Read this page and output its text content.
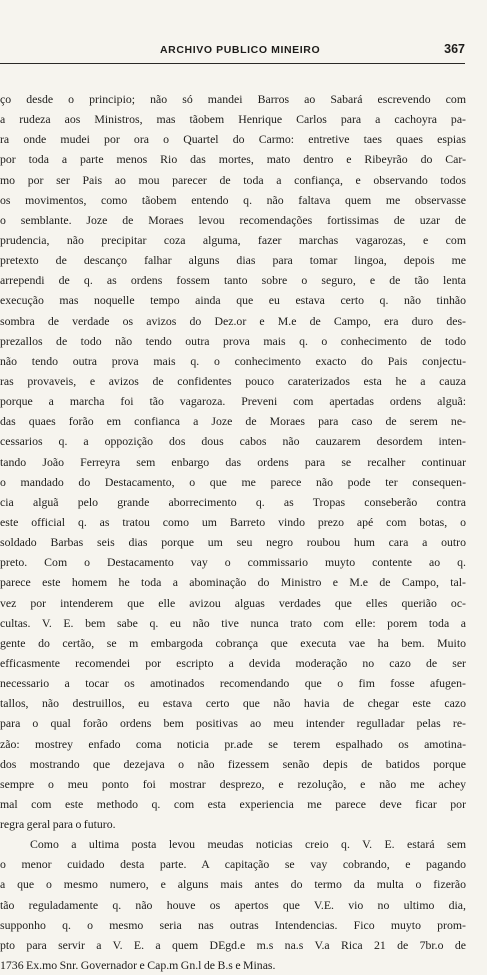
ARCHIVO PUBLICO MINEIRO	367
ço desde o principio; não só mandei Barros ao Sabará escrevendo com
a rudeza aos Ministros, mas tãobem Henrique Carlos para a cachoyra pa-
ra onde mudei por ora o Quartel do Carmo: entretive taes quaes espias
por toda a parte menos Rio das mortes, mato dentro e Ribeyrão do Car-
mo por ser Pais ao mou parecer de toda a confiança, e observando todos
os movimentos, como tãobem entendo q. não faltava quem me observasse
o semblante. Joze de Moraes levou recomendações fortissimas de uzar de
prudencia, não precipitar coza alguma, fazer marchas vagarozas, e com
pretexto de descanço falhar alguns dias para tomar lingoa, depois me
arrependi de q. as ordens fossem tanto sobre o seguro, e de tão lenta
execução mas noquelle tempo ainda que eu estava certo q. não tinhão
sombra de verdade os avizos do Dez.or e M.e de Campo, era duro des-
prezallos de todo não tendo outra prova mais q. o conhecimento de todo
não tendo outra prova mais q. o conhecimento exacto do Pais conjectu-
ras provaveis, e avizos de confidentes pouco caraterizados esta he a cauza
porque a marcha foi tão vagaroza. Preveni com apertadas ordens alguã:
das quaes forão em confianca a Joze de Moraes para caso de serem ne-
cessarios q. a oppozição dos dous cabos não cauzarem desordem inten-
tando João Ferreyra sem enbargo das ordens para se recalher continuar
o mandado do Destacamento, o que me parece não pode ter consequen-
cia alguã pelo grande aborrecimento q. as Tropas conseberão contra
este official q. as tratou como um Barreto vindo prezo apé com botas, o
soldado Barbas seis dias porque um seu negro roubou hum cara a outro
preto. Com o Destacamento vay o commissario muyto contente ao q.
parece este homem he toda a abominação do Ministro e M.e de Campo, tal-
vez por intenderem que elle avizou alguas verdades que elles querião oc-
cultas. V. E. bem sabe q. eu não tive nunca trato com elle: porem toda a
gente do certão, se m embargoda cobrança que executa vae ha bem. Muito
efficasmente recomendei por escripto a devida moderação no cazo de ser
necessario a tocar os amotinados recomendando que o fim fosse afugen-
tallos, não destruillos, eu estava certo que não havia de chegar este cazo
para o qual forão ordens bem positivas ao meu intender regulladar pelas re-
zão: mostrey enfado coma noticia pr.ade se terem espalhado os amotina-
dos mostrando que dezejava o não fizessem senão depis de batidos porque
sempre o meu ponto foi mostrar desprezo, e rezolução, e não me achey
mal com este methodo q. com esta experiencia me parece deve ficar por
regra geral para o futuro.
Como a ultima posta levou meudas noticias creio q. V. E. estará sem
o menor cuidado desta parte. A capitação se vay cobrando, e pagando
a que o mesmo numero, e alguns mais antes do termo da multa o fizerão
tão reguladamente q. não houve os apertos que V.E. vio no ultimo dia,
supponho q. o mesmo seria nas outras Intendencias. Fico muyto prom-
pto para servir a V. E. a quem DEgd.e m.s na.s V.a Rica 21 de 7br.o de
1736 Ex.mo Snr. Governador e Cap.m Gn.l de B.s e Minas.
